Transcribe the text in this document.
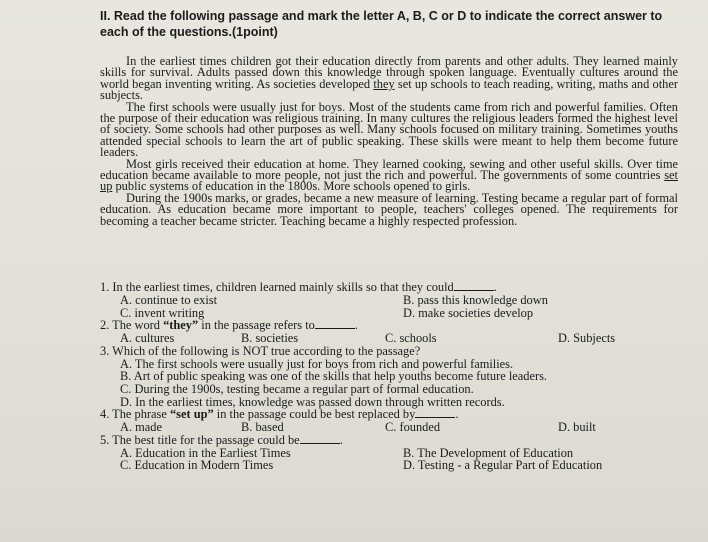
II. Read the following passage and mark the letter A, B, C or D to indicate the correct answer to each of the questions.(1point)

In the earliest times children got their education directly from parents and other adults. They learned mainly skills for survival. Adults passed down this knowledge through spoken language. Eventually cultures around the world began inventing writing. As societies developed they set up schools to teach reading, writing, maths and other subjects.

The first schools were usually just for boys. Most of the students came from rich and powerful families. Often the purpose of their education was religious training. In many cultures the religious leaders formed the highest level of society. Some schools had other purposes as well. Many schools focused on military training. Sometimes youths attended special schools to learn the art of public speaking. These skills were meant to help them become future leaders.

Most girls received their education at home. They learned cooking, sewing and other useful skills. Over time education became available to more people, not just the rich and powerful. The governments of some countries set up public systems of education in the 1800s. More schools opened to girls.

During the 1900s marks, or grades, became a new measure of learning. Testing became a regular part of formal education. As education became more important to people, teachers' colleges opened. The requirements for becoming a teacher became stricter. Teaching became a highly respected profession.

1. In the earliest times, children learned mainly skills so that they could	.
A. continue to exist	B. pass this knowledge down
C. invent writing	D. make societies develop
2. The word “they” in the passage refers to	.
A. cultures	B. societies	C. schools	D. Subjects
3. Which of the following is NOT true according to the passage?
A. The first schools were usually just for boys from rich and powerful families.
B. Art of public speaking was one of the skills that help youths become future leaders.
C. During the 1900s, testing became a regular part of formal education.
D. In the earliest times, knowledge was passed down through written records.
4. The phrase “set up” in the passage could be best replaced by	.
A. made	B. based	C. founded	D. built
5. The best title for the passage could be	.
A. Education in the Earliest Times	B. The Development of Education
C. Education in Modern Times	D. Testing - a Regular Part of Education
